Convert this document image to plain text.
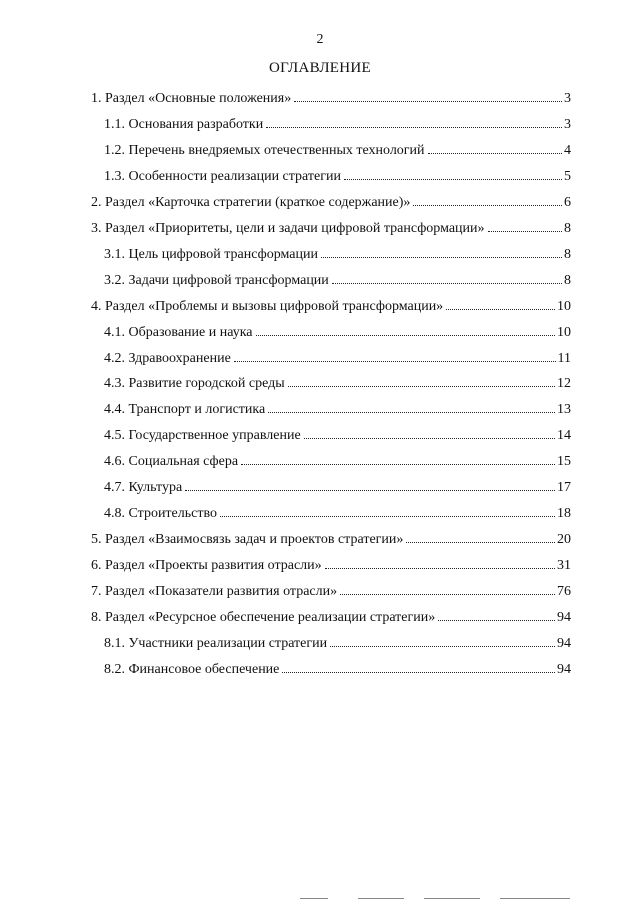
2
ОГЛАВЛЕНИЕ
1. Раздел «Основные положения»	3
1.1. Основания разработки	3
1.2. Перечень внедряемых отечественных технологий	4
1.3. Особенности реализации стратегии	5
2. Раздел «Карточка стратегии (краткое содержание)»	6
3. Раздел «Приоритеты, цели и задачи цифровой трансформации»	8
3.1. Цель цифровой трансформации	8
3.2. Задачи цифровой трансформации	8
4. Раздел «Проблемы и вызовы цифровой трансформации»	10
4.1. Образование и наука	10
4.2. Здравоохранение	11
4.3. Развитие городской среды	12
4.4. Транспорт и логистика	13
4.5. Государственное управление	14
4.6. Социальная сфера	15
4.7. Культура	17
4.8. Строительство	18
5. Раздел «Взаимосвязь задач и проектов стратегии»	20
6. Раздел «Проекты развития отрасли»	31
7. Раздел «Показатели развития отрасли»	76
8. Раздел «Ресурсное обеспечение реализации стратегии»	94
8.1. Участники реализации стратегии	94
8.2. Финансовое обеспечение	94
